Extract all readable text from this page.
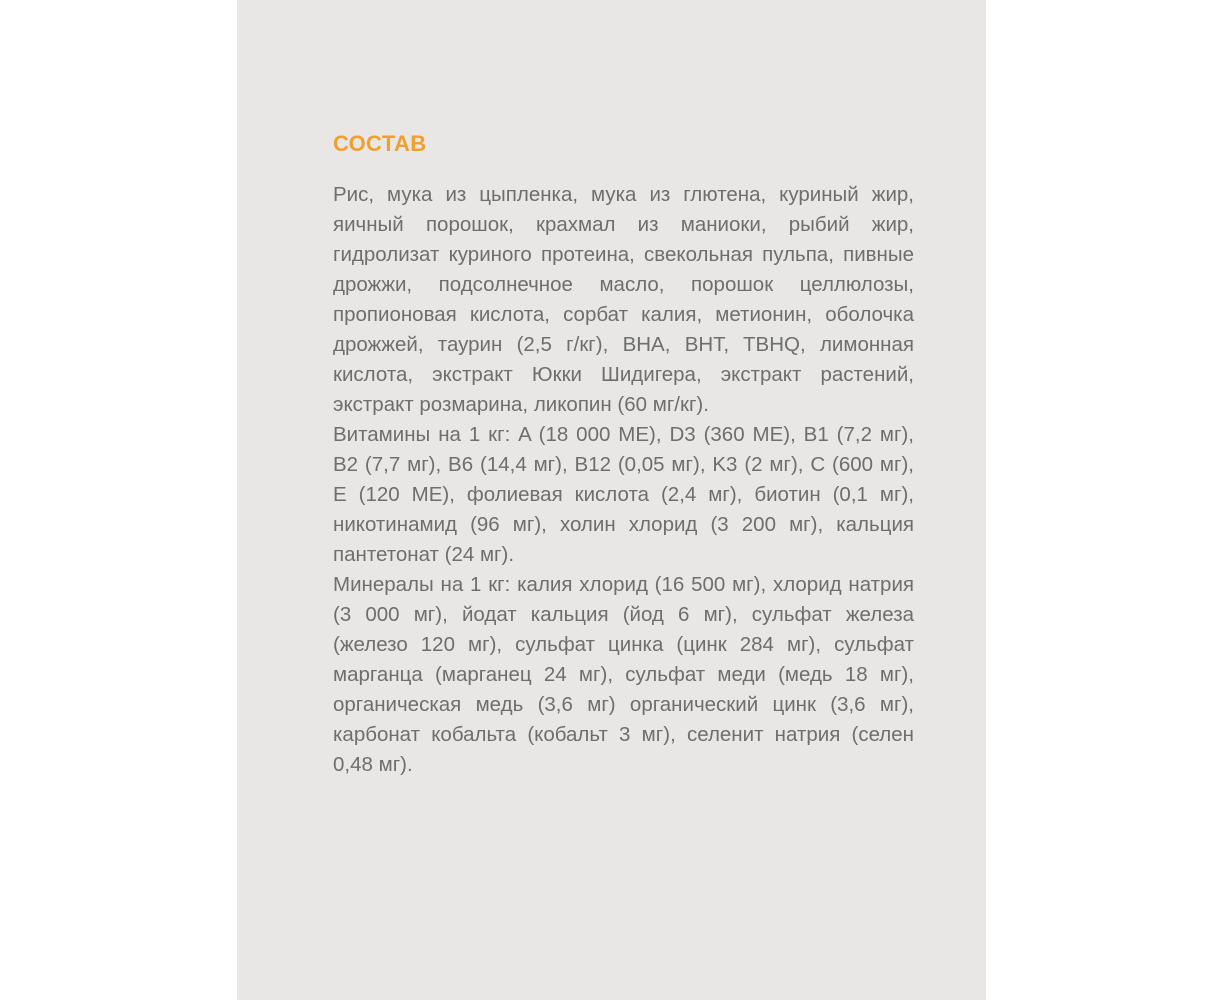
СОСТАВ

Рис, мука из цыпленка, мука из глютена, куриный жир, яичный порошок, крахмал из маниоки, рыбий жир, гидролизат куриного протеина, свекольная пульпа, пивные дрожжи, подсолнечное масло, порошок целлюлозы, пропионовая кислота, сорбат калия, метионин, оболочка дрожжей, таурин (2,5 г/кг), BHA, BHT, TBHQ, лимонная кислота, экстракт Юкки Шидигера, экстракт растений, экстракт розмарина, ликопин (60 мг/кг).

Витамины на 1 кг: A (18 000 МЕ), D3 (360 МЕ), B1 (7,2 мг), B2 (7,7 мг), B6 (14,4 мг), B12 (0,05 мг), K3 (2 мг), C (600 мг), E (120 МЕ), фолиевая кислота (2,4 мг), биотин (0,1 мг), никотинамид (96 мг), холин хлорид (3 200 мг), кальция пантетонат (24 мг).

Минералы на 1 кг: калия хлорид (16 500 мг), хлорид натрия (3 000 мг), йодат кальция (йод 6 мг), сульфат железа (железо 120 мг), сульфат цинка (цинк 284 мг), сульфат марганца (марганец 24 мг), сульфат меди (медь 18 мг), органическая медь (3,6 мг) органический цинк (3,6 мг), карбонат кобальта (кобальт 3 мг), селенит натрия (селен 0,48 мг).
